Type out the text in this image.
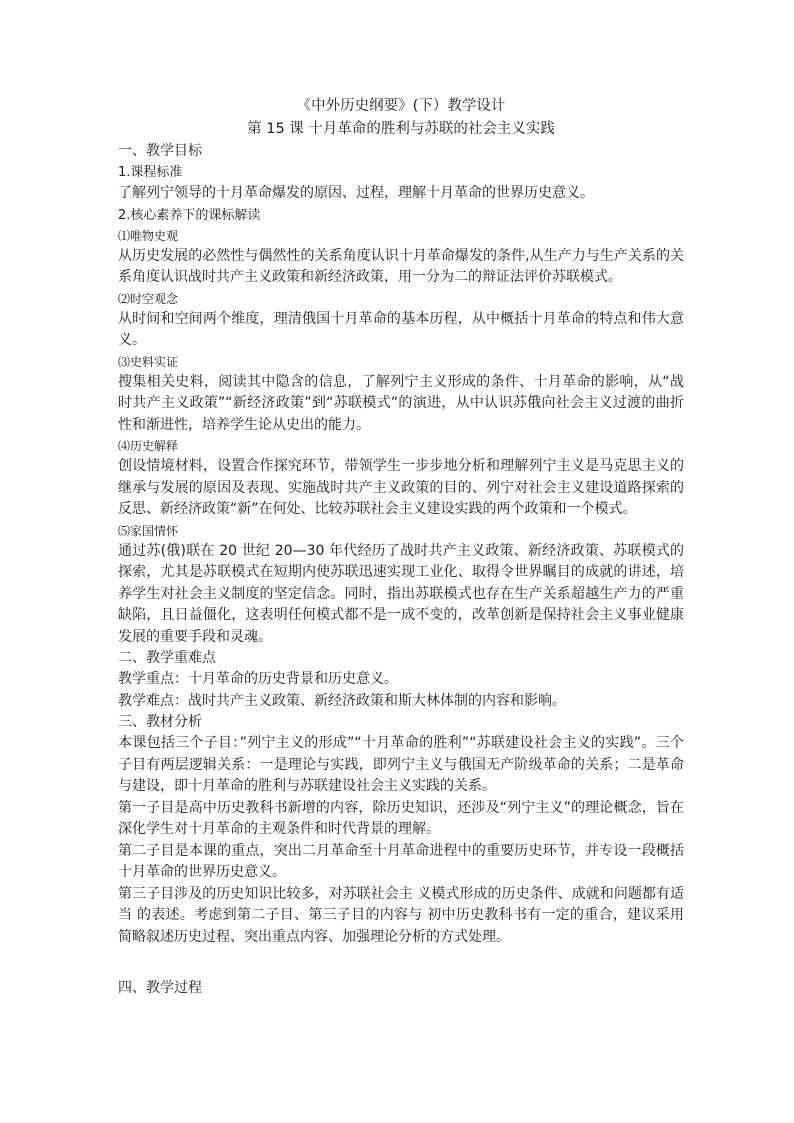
《中外历史纲要》(下）教学设计

第 15 课 十月革命的胜利与苏联的社会主义实践

一、教学目标

1.课程标准

了解列宁领导的十月革命爆发的原因、过程，理解十月革命的世界历史意义。

2.核心素养下的课标解读

⑴唯物史观

从历史发展的必然性与偶然性的关系角度认识十月革命爆发的条件,从生产力与生产关系的关系角度认识战时共产主义政策和新经济政策，用一分为二的辩证法评价苏联模式。

⑵时空观念

从时间和空间两个维度，理清俄国十月革命的基本历程，从中概括十月革命的特点和伟大意义。

⑶史料实证

搜集相关史料，阅读其中隐含的信息，了解列宁主义形成的条件、十月革命的影响，从“战时共产主义政策”“新经济政策”到“苏联模式”的演进，从中认识苏俄向社会主义过渡的曲折性和渐进性，培养学生论从史出的能力。

⑷历史解释

创设情境材料，设置合作探究环节，带领学生一步步地分析和理解列宁主义是马克思主义的继承与发展的原因及表现、实施战时共产主义政策的目的、列宁对社会主义建设道路探索的反思、新经济政策“新”在何处、比较苏联社会主义建设实践的两个政策和一个模式。

⑸家国情怀

通过苏(俄)联在 20 世纪 20—30 年代经历了战时共产主义政策、新经济政策、苏联模式的探索，尤其是苏联模式在短期内使苏联迅速实现工业化、取得令世界瞩目的成就的讲述，培养学生对社会主义制度的坚定信念。同时，指出苏联模式也存在生产关系超越生产力的严重缺陷，且日益僵化，这表明任何模式都不是一成不变的，改革创新是保持社会主义事业健康发展的重要手段和灵魂。

二、教学重难点

教学重点：十月革命的历史背景和历史意义。

教学难点：战时共产主义政策、新经济政策和斯大林体制的内容和影响。

三、教材分析

本课包括三个子目：”列宁主义的形成”“十月革命的胜利”“苏联建设社会主义的实践”。三个子目有两层逻辑关系：一是理论与实践，即列宁主义与俄国无产阶级革命的关系；二是革命与建设，即十月革命的胜利与苏联建设社会主义实践的关系。

第一子目是高中历史教科书新增的内容，除历史知识，还涉及“列宁主义”的理论概念，旨在深化学生对十月革命的主观条件和时代背景的理解。

第二子目是本课的重点，突出二月革命至十月革命进程中的重要历史环节，并专设一段概括十月革命的世界历史意义。

第三子目涉及的历史知识比较多，对苏联社会主 义模式形成的历史条件、成就和问题都有适当 的表述。考虑到第二子目、第三子目的内容与 初中历史教科书有一定的重合，建议采用简略叙述历史过程、突出重点内容、加强理论分析的方式处理。

四、教学过程
